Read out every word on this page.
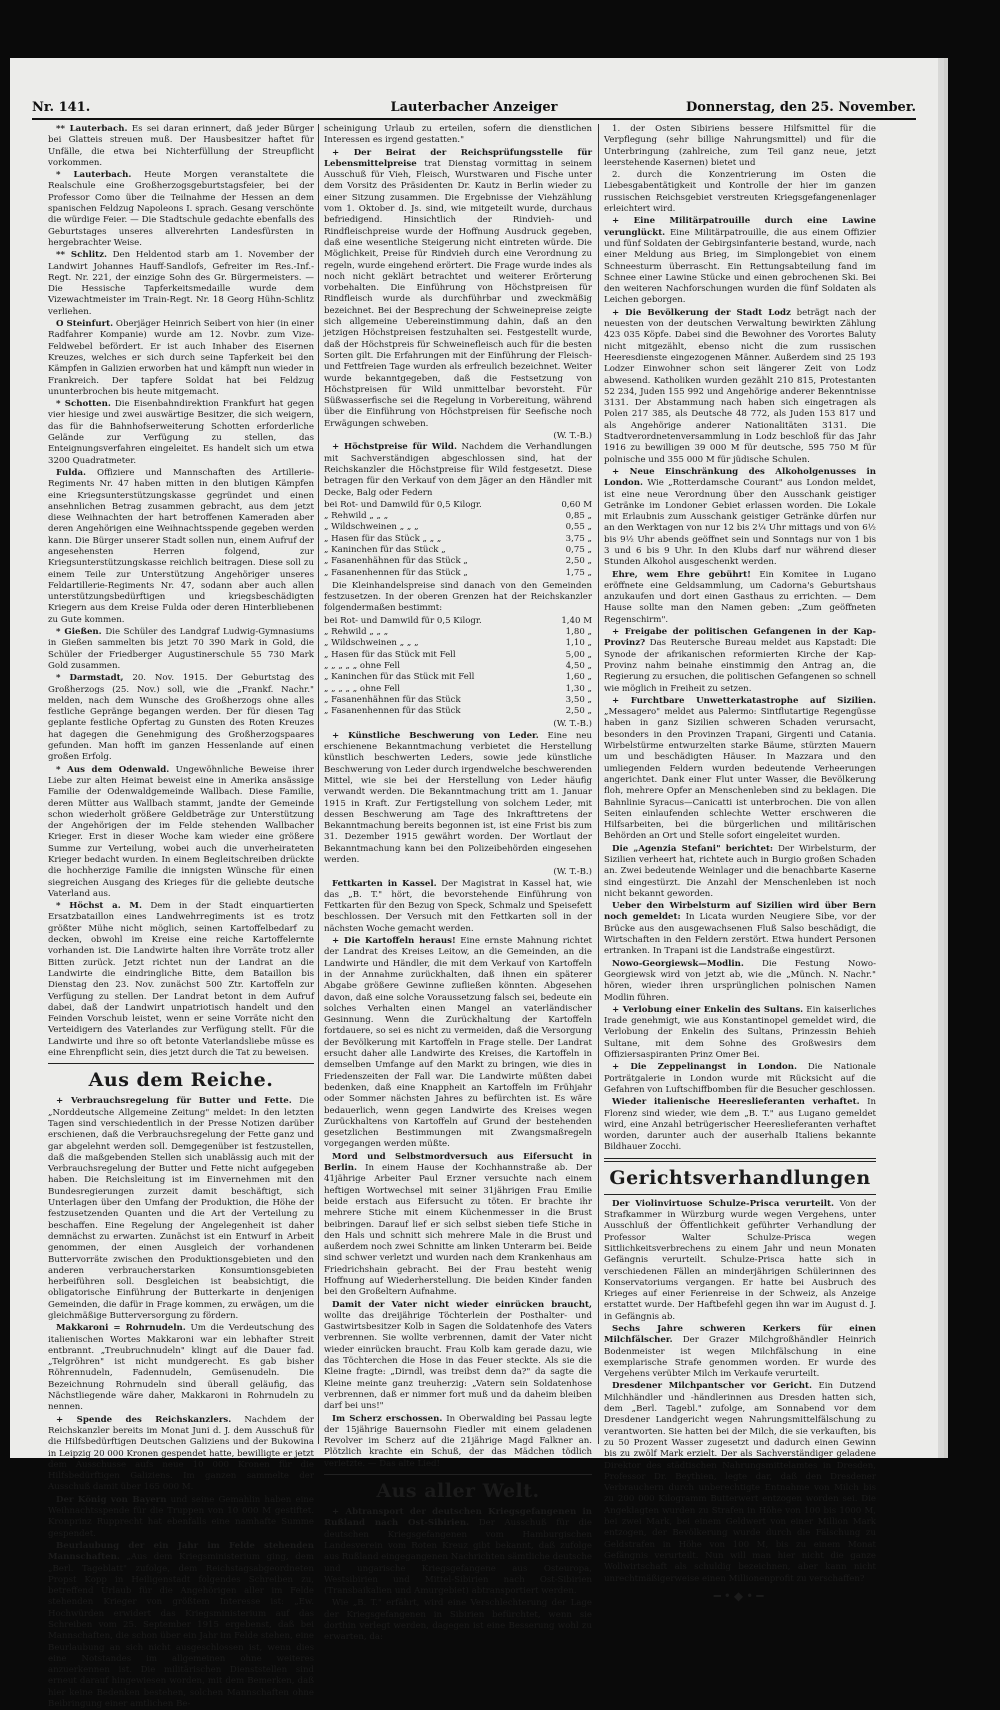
Nr. 141.	Lauterbacher Anzeiger	Donnerstag, den 25. November.

** Lauterbach. Es sei daran erinnert, daß jeder Bürger bei Glatteis streuen muß. Der Hausbesitzer haftet für Unfälle, die etwa bei Nichterfüllung der Streupflicht vorkommen.

* Lauterbach. Heute Morgen veranstaltete die Realschule eine Großherzogsgeburtstagsfeier, bei der Professor Como über die Teilnahme der Hessen an dem spanischen Feldzug Napoleons I. sprach. Gesang verschönte die würdige Feier. — Die Stadtschule gedachte ebenfalls des Geburtstages unseres allverehrten Landesfürsten in hergebrachter Weise.

** Schlitz. Den Heldentod starb am 1. November der Landwirt Johannes Hauff-Sandlofs, Gefreiter im Res.-Inf.-Regt. Nr. 221, der einzige Sohn des Gr. Bürgermeisters. — Die Hessische Tapferkeitsmedaille wurde dem Vizewachtmeister im Train-Regt. Nr. 18 Georg Hühn-Schlitz verliehen.

O Steinfurt. Oberjäger Heinrich Seibert von hier (in einer Radfahrer Kompanie) wurde am 12. Novbr. zum Vize-Feldwebel befördert. Er ist auch Inhaber des Eisernen Kreuzes, welches er sich durch seine Tapferkeit bei den Kämpfen in Galizien erworben hat und kämpft nun wieder in Frankreich. Der tapfere Soldat hat bei Feldzug ununterbrochen bis heute mitgemacht.

* Schotten. Die Eisenbahndirektion Frankfurt hat gegen vier hiesige und zwei auswärtige Besitzer, die sich weigern, das für die Bahnhofserweiterung Schotten erforderliche Gelände zur Verfügung zu stellen, das Enteignungsverfahren eingeleitet. Es handelt sich um etwa 3200 Quadratmeter.

Fulda. Offiziere und Mannschaften des Artillerie-Regiments Nr. 47 haben mitten in den blutigen Kämpfen eine Kriegsunterstützungskasse gegründet und einen ansehnlichen Betrag zusammen gebracht, aus dem jetzt diese Weihnachten der hart betroffenen Kameraden aber deren Angehörigen eine Weihnachtsspende gegeben werden kann. Die Bürger unserer Stadt sollen nun, einem Aufruf der angesehensten Herren folgend, zur Kriegsunterstützungskasse reichlich beitragen. Diese soll zu einem Teile zur Unterstützung Angehöriger unseres Feldartillerie-Regiments Nr. 47, sodann aber auch allen unterstützungsbedürftigen und kriegsbeschädigten Kriegern aus dem Kreise Fulda oder deren Hinterbliebenen zu Gute kommen.

* Gießen. Die Schüler des Landgraf Ludwig-Gymnasiums in Gießen sammelten bis jetzt 70 390 Mark in Gold, die Schüler der Friedberger Augustinerschule 55 730 Mark Gold zusammen.

* Darmstadt, 20. Nov. 1915. Der Geburtstag des Großherzogs (25. Nov.) soll, wie die „Frankf. Nachr." melden, nach dem Wunsche des Großherzogs ohne alles festliche Gepränge begangen werden. Der für diesen Tag geplante festliche Opfertag zu Gunsten des Roten Kreuzes hat dagegen die Genehmigung des Großherzogspaares gefunden. Man hofft im ganzen Hessenlande auf einen großen Erfolg.

* Aus dem Odenwald. Ungewöhnliche Beweise ihrer Liebe zur alten Heimat beweist eine in Amerika ansässige Familie der Odenwaldgemeinde Wallbach. Diese Familie, deren Mütter aus Wallbach stammt, jandte der Gemeinde schon wiederholt größere Geldbeträge zur Unterstützung der Angehörigen der im Felde stehenden Wallbacher Krieger. Erst in dieser Woche kam wieder eine größere Summe zur Verteilung, wobei auch die unverheirateten Krieger bedacht wurden. In einem Begleitschreiben drückte die hochherzige Familie die innigsten Wünsche für einen siegreichen Ausgang des Krieges für die geliebte deutsche Vaterland aus.

* Höchst a. M. Dem in der Stadt einquartierten Ersatzbataillon eines Landwehrregiments ist es trotz größter Mühe nicht möglich, seinen Kartoffelbedarf zu decken, obwohl im Kreise eine reiche Kartoffelernte vorhanden ist. Die Landwirte halten ihre Vorräte trotz aller Bitten zurück. Jetzt richtet nun der Landrat an die Landwirte die eindringliche Bitte, dem Bataillon bis Dienstag den 23. Nov. zunächst 500 Ztr. Kartoffeln zur Verfügung zu stellen. Der Landrat betont in dem Aufruf dabei, daß der Landwirt unpatriotisch handelt und den Feinden Vorschub leistet, wenn er seine Vorräte nicht den Verteidigern des Vaterlandes zur Verfügung stellt. Für die Landwirte und ihre so oft betonte Vaterlandsliebe müsse es eine Ehrenpflicht sein, dies jetzt durch die Tat zu beweisen.

Aus dem Reiche.

+ Verbrauchsregelung für Butter und Fette. Die „Norddeutsche Allgemeine Zeitung" meldet: In den letzten Tagen sind verschiedentlich in der Presse Notizen darüber erschienen, daß die Verbrauchsregelung der Fette ganz und gar abgelehnt werden soll. Demgegenüber ist festzustellen, daß die maßgebenden Stellen sich unablässig auch mit der Verbrauchsregelung der Butter und Fette nicht aufgegeben haben. Die Reichsleitung ist im Einvernehmen mit den Bundesregierungen zurzeit damit beschäftigt, sich Unterlagen über den Umfang der Produktion, die Höhe der festzusetzenden Quanten und die Art der Verteilung zu beschaffen. Eine Regelung der Angelegenheit ist daher demnächst zu erwarten. Zunächst ist ein Entwurf in Arbeit genommen, der einen Ausgleich der vorhandenen Buttervorräte zwischen den Produktionsgebieten und den anderen verbraucherstarken Konsumtionsgebieten herbeiführen soll. Desgleichen ist beabsichtigt, die obligatorische Einführung der Butterkarte in denjenigen Gemeinden, die dafür in Frage kommen, zu erwägen, um die gleichmäßige Butterversorgung zu fördern.

Makkaroni = Rohrnudeln. Um die Verdeutschung des italienischen Wortes Makkaroni war ein lebhafter Streit entbrannt. „Treubruchnudeln" klingt auf die Dauer fad. „Telgröhren" ist nicht mundgerecht. Es gab bisher Röhrennudeln, Fadennudeln, Gemüsenudeln. Die Bezeichnung Rohrnudeln sind überall geläufig, das Nächstliegende wäre daher, Makkaroni in Rohrnudeln zu nennen.

+ Spende des Reichskanzlers. Nachdem der Reichskanzler bereits im Monat Juni d. J. dem Ausschuß für die Hilfsbedürftigen Deutschen Galiziens und der Bukowina in Leipzig 20 000 Kronen gespendet hatte, bewilligte er jetzt dem Ausschusse aufs neue 10 000 Kronen für die Hilfsbedürftigen Galiziens. Im ganzen sammelte der Ausschuß damit über 165 000 M.

Der König von Bayern und seine Gemahlin haben eine Weihnachtsspende für die Truppen von 10 000 M gestiftet. Kronprinz Rupprecht hat ebenfalls eine namhafte Summe gespendet.

Beurlaubung der ein Jahr im Felde stehenden Mannschaften. „Aus dem Kriegsministerium ging, dem „Berl. Tageblatt" zufolge, dem Reichstagsabgeordneten Propst Kopp in Heiligenstadt folgendes Schreiben zu, betreffend Urlaub für die Angehörigen aller im Felde stehenden Krieger von größtem Interesse ist: „Ew. Hochwürden erwidert das Kriegsministerium auf das Schreiben vom 25. September 1915 ergebenst, daß bei Mannschaften, die schon über ein Jahr im Felde stehen, eine Beurlaubung an sich nicht ausgeschlossen ist, wenn dies eine Notstandes im allgemeinen ohne weiteres anzuerkennen ist. Die militärischen Dienststellen sind erneut darauf hingewiesen worden, mit dem Bemerken, daß hier keine Bedenken bestehen, solchen Mannschaften ohne Beibringung einer amtlichen Be-

scheinigung Urlaub zu erteilen, sofern die dienstlichen Interessen es irgend gestatten."

+ Der Beirat der Reichsprüfungsstelle für Lebensmittelpreise trat Dienstag vormittag in seinem Ausschuß für Vieh, Fleisch, Wurstwaren und Fische unter dem Vorsitz des Präsidenten Dr. Kautz in Berlin wieder zu einer Sitzung zusammen. Die Ergebnisse der Viehzählung vom 1. Oktober d. Js. sind, wie mitgeteilt wurde, durchaus befriedigend. Hinsichtlich der Rindvieh- und Rindfleischpreise wurde der Hoffnung Ausdruck gegeben, daß eine wesentliche Steigerung nicht eintreten würde. Die Möglichkeit, Preise für Rindvieh durch eine Verordnung zu regeln, wurde eingehend erörtert. Die Frage wurde indes als noch nicht geklärt betrachtet und weiterer Erörterung vorbehalten. Die Einführung von Höchstpreisen für Rindfleisch wurde als durchführbar und zweckmäßig bezeichnet. Bei der Besprechung der Schweinepreise zeigte sich allgemeine Uebereinstimmung dahin, daß an den jetzigen Höchstpreisen festzuhalten sei. Festgestellt wurde, daß der Höchstpreis für Schweinefleisch auch für die besten Sorten gilt. Die Erfahrungen mit der Einführung der Fleisch- und Fettfreien Tage wurden als erfreulich bezeichnet. Weiter wurde bekanntgegeben, daß die Festsetzung von Höchstpreisen für Wild unmittelbar bevorsteht. Für Süßwasserfische sei die Regelung in Vorbereitung, während über die Einführung von Höchstpreisen für Seefische noch Erwägungen schweben.

(W. T.-B.)

+ Höchstpreise für Wild. Nachdem die Verhandlungen mit Sachverständigen abgeschlossen sind, hat der Reichskanzler die Höchstpreise für Wild festgesetzt. Diese betragen für den Verkauf von dem Jäger an den Händler mit Decke, Balg oder Federn

bei Rot- und Damwild für 0,5 Kilogr.	0,60 M
„ Rehwild „ „ „	0,85 „
„ Wildschweinen „ „ „	0,55 „
„ Hasen für das Stück „ „ „	3,75 „
„ Kaninchen für das Stück „	0,75 „
„ Fasanenhähnen für das Stück „	2,50 „
„ Fasanenhennen für das Stück „	1,75 „

Die Kleinhandelspreise sind danach von den Gemeinden festzusetzen. In der oberen Grenzen hat der Reichskanzler folgendermaßen bestimmt:

bei Rot- und Damwild für 0,5 Kilogr.	1,40 M
„ Rehwild „ „ „	1,80 „
„ Wildschweinen „ „ „	1,10 „
„ Hasen für das Stück mit Fell	5,00 „
„ „ „ „ „ ohne Fell	4,50 „
„ Kaninchen für das Stück mit Fell	1,60 „
„ „ „ „ „ ohne Fell	1,30 „
„ Fasanenhähnen für das Stück	3,50 „
„ Fasanenhennen für das Stück	2,50 „
(W. T.-B.)

+ Künstliche Beschwerung von Leder. Eine neu erschienene Bekanntmachung verbietet die Herstellung künstlich beschwerten Leders, sowie jede künstliche Beschwerung von Leder durch irgendwelche beschwerenden Mittel, wie sie bei der Herstellung von Leder häufig verwandt werden. Die Bekanntmachung tritt am 1. Januar 1915 in Kraft. Zur Fertigstellung von solchem Leder, mit dessen Beschwerung am Tage des Inkrafttretens der Bekanntmachung bereits begonnen ist, ist eine Frist bis zum 31. Dezember 1915 gewährt worden. Der Wortlaut der Bekanntmachung kann bei den Polizeibehörden eingesehen werden.

(W. T.-B.)

Fettkarten in Kassel. Der Magistrat in Kassel hat, wie das „B. T." hört, die bevorstehende Einführung von Fettkarten für den Bezug von Speck, Schmalz und Speisefett beschlossen. Der Versuch mit den Fettkarten soll in der nächsten Woche gemacht werden.

+ Die Kartoffeln heraus! Eine ernste Mahnung richtet der Landrat des Kreises Leitow, an die Gemeinden, an die Landwirte und Händler, die mit dem Verkauf von Kartoffeln in der Annahme zurückhalten, daß ihnen ein späterer Abgabe größere Gewinne zufließen könnten. Abgesehen davon, daß eine solche Voraussetzung falsch sei, bedeute ein solches Verhalten einen Mangel an vaterländischer Gesinnung. Wenn die Zurückhaltung der Kartoffeln fortdauere, so sei es nicht zu vermeiden, daß die Versorgung der Bevölkerung mit Kartoffeln in Frage stelle. Der Landrat ersucht daher alle Landwirte des Kreises, die Kartoffeln in demselben Umfange auf den Markt zu bringen, wie dies in Friedenszeiten der Fall war. Die Landwirte müßten dabei bedenken, daß eine Knappheit an Kartoffeln im Frühjahr oder Sommer nächsten Jahres zu befürchten ist. Es wäre bedauerlich, wenn gegen Landwirte des Kreises wegen Zurückhaltens von Kartoffeln auf Grund der bestehenden gesetzlichen Bestimmungen mit Zwangsmaßregeln vorgegangen werden müßte.

Mord und Selbstmordversuch aus Eifersucht in Berlin. In einem Hause der Kochhannstraße ab. Der 41jährige Arbeiter Paul Erzner versuchte nach einem heftigen Wortwechsel mit seiner 31jährigen Frau Emilie beide erstach aus Eifersucht zu töten. Er brachte ihr mehrere Stiche mit einem Küchenmesser in die Brust beibringen. Darauf lief er sich selbst sieben tiefe Stiche in den Hals und schnitt sich mehrere Male in die Brust und außerdem noch zwei Schnitte am linken Unterarm bei. Beide sind schwer verletzt und wurden nach dem Krankenhaus am Friedrichshain gebracht. Bei der Frau besteht wenig Hoffnung auf Wiederherstellung. Die beiden Kinder fanden bei den Großeltern Aufnahme.

Damit der Vater nicht wieder einrücken braucht, wollte das dreijährige Töchterlein der Posthalter- und Gastwirtsbesitzer Kolb in Sagen die Soldatenhofe des Vaters verbrennen. Sie wollte verbrennen, damit der Vater nicht wieder einrücken braucht. Frau Kolb kam gerade dazu, wie das Töchterchen die Hose in das Feuer steckte. Als sie die Kleine fragte: „Dirndl, was treibst denn da?" da sagte die Kleine meinte ganz treuherzig: „Vatern sein Soldatenhose verbrennen, daß er nimmer fort muß und da daheim bleiben darf bei uns!"

Im Scherz erschossen. In Oberwalding bei Passau legte der 15jährige Bauernsohn Fiedler mit einem geladenen Revolver im Scherz auf die 21jährige Magd Falkner an. Plötzlich krachte ein Schuß, der das Mädchen tödlich verletzte. — Das alte Lied!

Aus aller Welt.

+ Abtransport der deutschen Kriegsgefangenen in Rußland nach Ost-Sibirien. Der Ausschuß für die deutschen Kriegsgefangenen vom Hamburgischen Landesverein vom Roten Kreuz gibt bekannt, daß zufolge aus Rußland eingegangenen Nachrichten sämtliche deutsche und ungarische Kriegsgefangene aus Osteuropa, Westsibirien und Mittel-Sibirien nach Ost-Sibirien (Transbaikalien und Amurgebiet) abtransportiert werden.

Wie „B. T." erfährt, wird eine Verschlechterung der Lage der Kriegsgefangenen in Sibirien befürchtet, wenn sie dorthin verlegt werden, dagegen ist eine Besserung wohl zu erwarten, da:

1. der Osten Sibiriens bessere Hilfsmittel für die Verpflegung (sehr billige Nahrungsmittel) und für die Unterbringung (zahlreiche, zum Teil ganz neue, jetzt leerstehende Kasernen) bietet und

2. durch die Konzentrierung im Osten die Liebesgabentätigkeit und Kontrolle der hier im ganzen russischen Reichsgebiet verstreuten Kriegsgefangenenlager erleichtert wird.

+ Eine Militärpatrouille durch eine Lawine verunglückt. Eine Militärpatrouille, die aus einem Offizier und fünf Soldaten der Gebirgsinfanterie bestand, wurde, nach einer Meldung aus Brieg, im Simplongebiet von einem Schneesturm überrascht. Ein Rettungsabteilung fand im Schnee einer Lawine Stücke und einen gebrochenen Ski. Bei den weiteren Nachforschungen wurden die fünf Soldaten als Leichen geborgen.

+ Die Bevölkerung der Stadt Lodz beträgt nach der neuesten von der deutschen Verwaltung bewirkten Zählung 423 035 Köpfe. Dabei sind die Bewohner des Vorortes Baluty nicht mitgezählt, ebenso nicht die zum russischen Heeresdienste eingezogenen Männer. Außerdem sind 25 193 Lodzer Einwohner schon seit längerer Zeit von Lodz abwesend. Katholiken wurden gezählt 210 815, Protestanten 52 234, Juden 155 992 und Angehörige anderer Bekenntnisse 3131. Der Abstammung nach haben sich eingetragen als Polen 217 385, als Deutsche 48 772, als Juden 153 817 und als Angehörige anderer Nationalitäten 3131. Die Stadtverordnetenversammlung in Lodz beschloß für das Jahr 1916 zu bewilligen 39 000 M für deutsche, 595 750 M für polnische und 355 000 M für jüdische Schulen.

+ Neue Einschränkung des Alkoholgenusses in London. Wie „Rotterdamsche Courant" aus London meldet, ist eine neue Verordnung über den Ausschank geistiger Getränke im Londoner Gebiet erlassen worden. Die Lokale mit Erlaubnis zum Ausschank geistiger Getränke dürfen nur an den Werktagen von nur 12 bis 2¼ Uhr mittags und von 6½ bis 9½ Uhr abends geöffnet sein und Sonntags nur von 1 bis 3 und 6 bis 9 Uhr. In den Klubs darf nur während dieser Stunden Alkohol ausgeschenkt werden.

Ehre, wem Ehre gebührt! Ein Komitee in Lugano eröffnete eine Geldsammlung, um Cadorna's Geburtshaus anzukaufen und dort einen Gasthaus zu errichten. — Dem Hause sollte man den Namen geben: „Zum geöffneten Regenschirm".

+ Freigabe der politischen Gefangenen in der Kap-Provinz? Das Reutersche Bureau meldet aus Kapstadt: Die Synode der afrikanischen reformierten Kirche der Kap-Provinz nahm beinahe einstimmig den Antrag an, die Regierung zu ersuchen, die politischen Gefangenen so schnell wie möglich in Freiheit zu setzen.

+ Furchtbare Unwetterkatastrophe auf Sizilien. „Messagero" meldet aus Palermo: Sintflutartige Regengüsse haben in ganz Sizilien schweren Schaden verursacht, besonders in den Provinzen Trapani, Girgenti und Catania. Wirbelstürme entwurzelten starke Bäume, stürzten Mauern um und beschädigten Häuser. In Mazzara und den umliegenden Feldern wurden bedeutende Verheerungen angerichtet. Dank einer Flut unter Wasser, die Bevölkerung floh, mehrere Opfer an Menschenleben sind zu beklagen. Die Bahnlinie Syracus—Canicatti ist unterbrochen. Die von allen Seiten einlaufenden schlechte Wetter erschweren die Hilfsarbeiten, bei die bürgerlichen und militärischen Behörden an Ort und Stelle sofort eingeleitet wurden.

Die „Agenzia Stefani" berichtet: Der Wirbelsturm, der Sizilien verheert hat, richtete auch in Burgio großen Schaden an. Zwei bedeutende Weinlager und die benachbarte Kaserne sind eingestürzt. Die Anzahl der Menschenleben ist noch nicht bekannt geworden.

Ueber den Wirbelsturm auf Sizilien wird über Bern noch gemeldet: In Licata wurden Neugiere Sibe, vor der Brücke aus den ausgewachsenen Fluß Salso beschädigt, die Wirtschaften in den Feldern zerstört. Etwa hundert Personen ertranken. In Trapani ist die Landstraße eingestürzt.

Nowo-Georgiewsk—Modlin. Die Festung Nowo-Georgiewsk wird von jetzt ab, wie die „Münch. N. Nachr." hören, wieder ihren ursprünglichen polnischen Namen Modlin führen.

+ Verlobung einer Enkelin des Sultans. Ein kaiserliches Irade genehmigt, wie aus Konstantinopel gemeldet wird, die Verlobung der Enkelin des Sultans, Prinzessin Behieh Sultane, mit dem Sohne des Großwesirs dem Offiziersaspiranten Prinz Omer Bei.

+ Die Zeppelinangst in London. Die Nationale Porträtgalerie in London wurde mit Rücksicht auf die Gefahren von Luftschiffbomben für die Besucher geschlossen.

Wieder italienische Heereslieferanten verhaftet. In Florenz sind wieder, wie dem „B. T." aus Lugano gemeldet wird, eine Anzahl betrügerischer Heereslieferanten verhaftet worden, darunter auch der auserhalb Italiens bekannte Bildhauer Zocchi.

Gerichtsverhandlungen

Der Violinvirtuose Schulze-Prisca verurteilt. Von der Strafkammer in Würzburg wurde wegen Vergehens, unter Ausschluß der Öffentlichkeit geführter Verhandlung der Professor Walter Schulze-Prisca wegen Sittlichkeitsverbrechens zu einem Jahr und neun Monaten Gefängnis verurteilt. Schulze-Prisca hatte sich in verschiedenen Fällen an minderjährigen Schülerinnen des Konservatoriums vergangen. Er hatte bei Ausbruch des Krieges auf einer Ferienreise in der Schweiz, als Anzeige erstattet wurde. Der Haftbefehl gegen ihn war im August d. J. in Gefängnis ab.

Sechs Jahre schweren Kerkers für einen Milchfälscher. Der Grazer Milchgroßhändler Heinrich Bodenmeister ist wegen Milchfälschung in eine exemplarische Strafe genommen worden. Er wurde des Vergehens verübter Milch im Verkaufe verurteilt.

Dresdener Milchpantscher vor Gericht. Ein Dutzend Milchhändler und -händlerinnen aus Dresden hatten sich, dem „Berl. Tagebl." zufolge, am Sonnabend vor dem Dresdener Landgericht wegen Nahrungsmittelfälschung zu verantworten. Sie hatten bei der Milch, die sie verkauften, bis zu 50 Prozent Wasser zugesetzt und dadurch einen Gewinn bis zu zwölf Mark erzielt. Der als Sachverständiger geladene Direktor des städtischen Nahrungsmittelamtes in Dresden, Professor Dr. Beythien, legte dar, daß den Dresdener Verbrauchern durch unberechtigte Entnahme von Milch bis zu 200 000 Kilogramm Butterwert entzogen worden sei. Die Angeklagten wurden zu Strafen in Höhe von 100 bis 1000 M, bei zwei Mark, bei einem Geldwert von einer Million Mark entzogen, der Bevölkerung wurde durch die Fälschung zu Geldstrafen in Höhe von 100 M, bis zu einem Monat Gefängnis verurteilt. Nun will man hier nicht die ganze Wollwirtschaft als schuldig bezeichnen, aber kann nicht unrechtmäßigerweise einen Millionenprofit zu verschaffen?

━•◆•━
